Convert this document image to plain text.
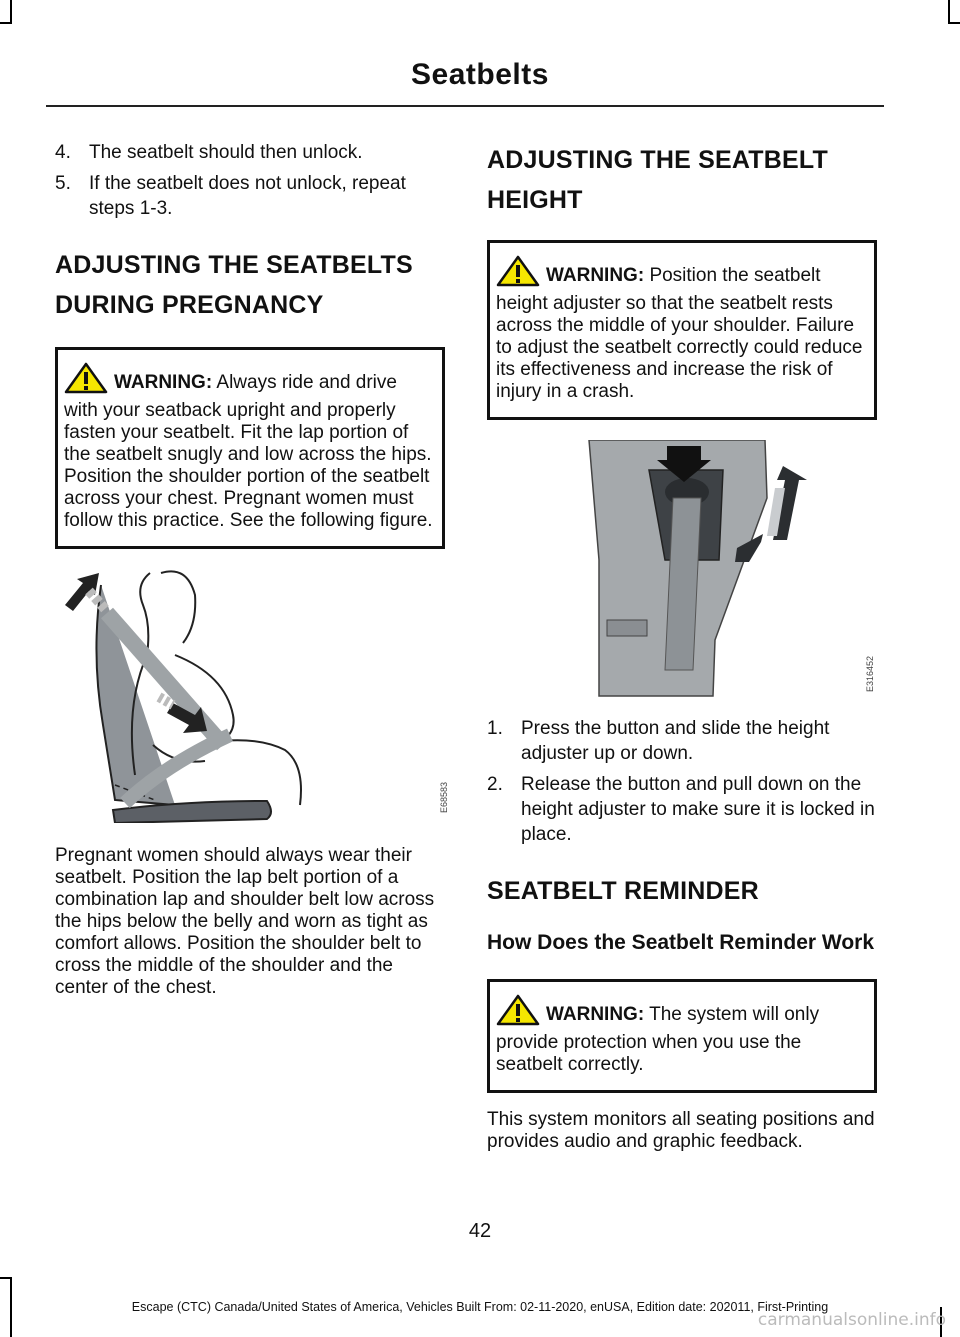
Seatbelts
4. The seatbelt should then unlock.
5. If the seatbelt does not unlock, repeat steps 1-3.
ADJUSTING THE SEATBELTS
DURING PREGNANCY
WARNING: Always ride and drive with your seatback upright and properly fasten your seatbelt. Fit the lap portion of the seatbelt snugly and low across the hips. Position the shoulder portion of the seatbelt across your chest. Pregnant women must follow this practice. See the following figure.
E68583

Pregnant women should always wear their seatbelt. Position the lap belt portion of a combination lap and shoulder belt low across the hips below the belly and worn as tight as comfort allows. Position the shoulder belt to cross the middle of the shoulder and the center of the chest.

ADJUSTING THE SEATBELT
HEIGHT
WARNING: Position the seatbelt height adjuster so that the seatbelt rests across the middle of your shoulder. Failure to adjust the seatbelt correctly could reduce its effectiveness and increase the risk of injury in a crash.
E316452
1. Press the button and slide the height adjuster up or down.
2. Release the button and pull down on the height adjuster to make sure it is locked in place.
SEATBELT REMINDER
How Does the Seatbelt Reminder Work
WARNING: The system will only provide protection when you use the seatbelt correctly.

This system monitors all seating positions and provides audio and graphic feedback.

42
Escape (CTC) Canada/United States of America, Vehicles Built From: 02-11-2020, enUSA, Edition date: 202011, First-Printing
carmanualsonline.info
